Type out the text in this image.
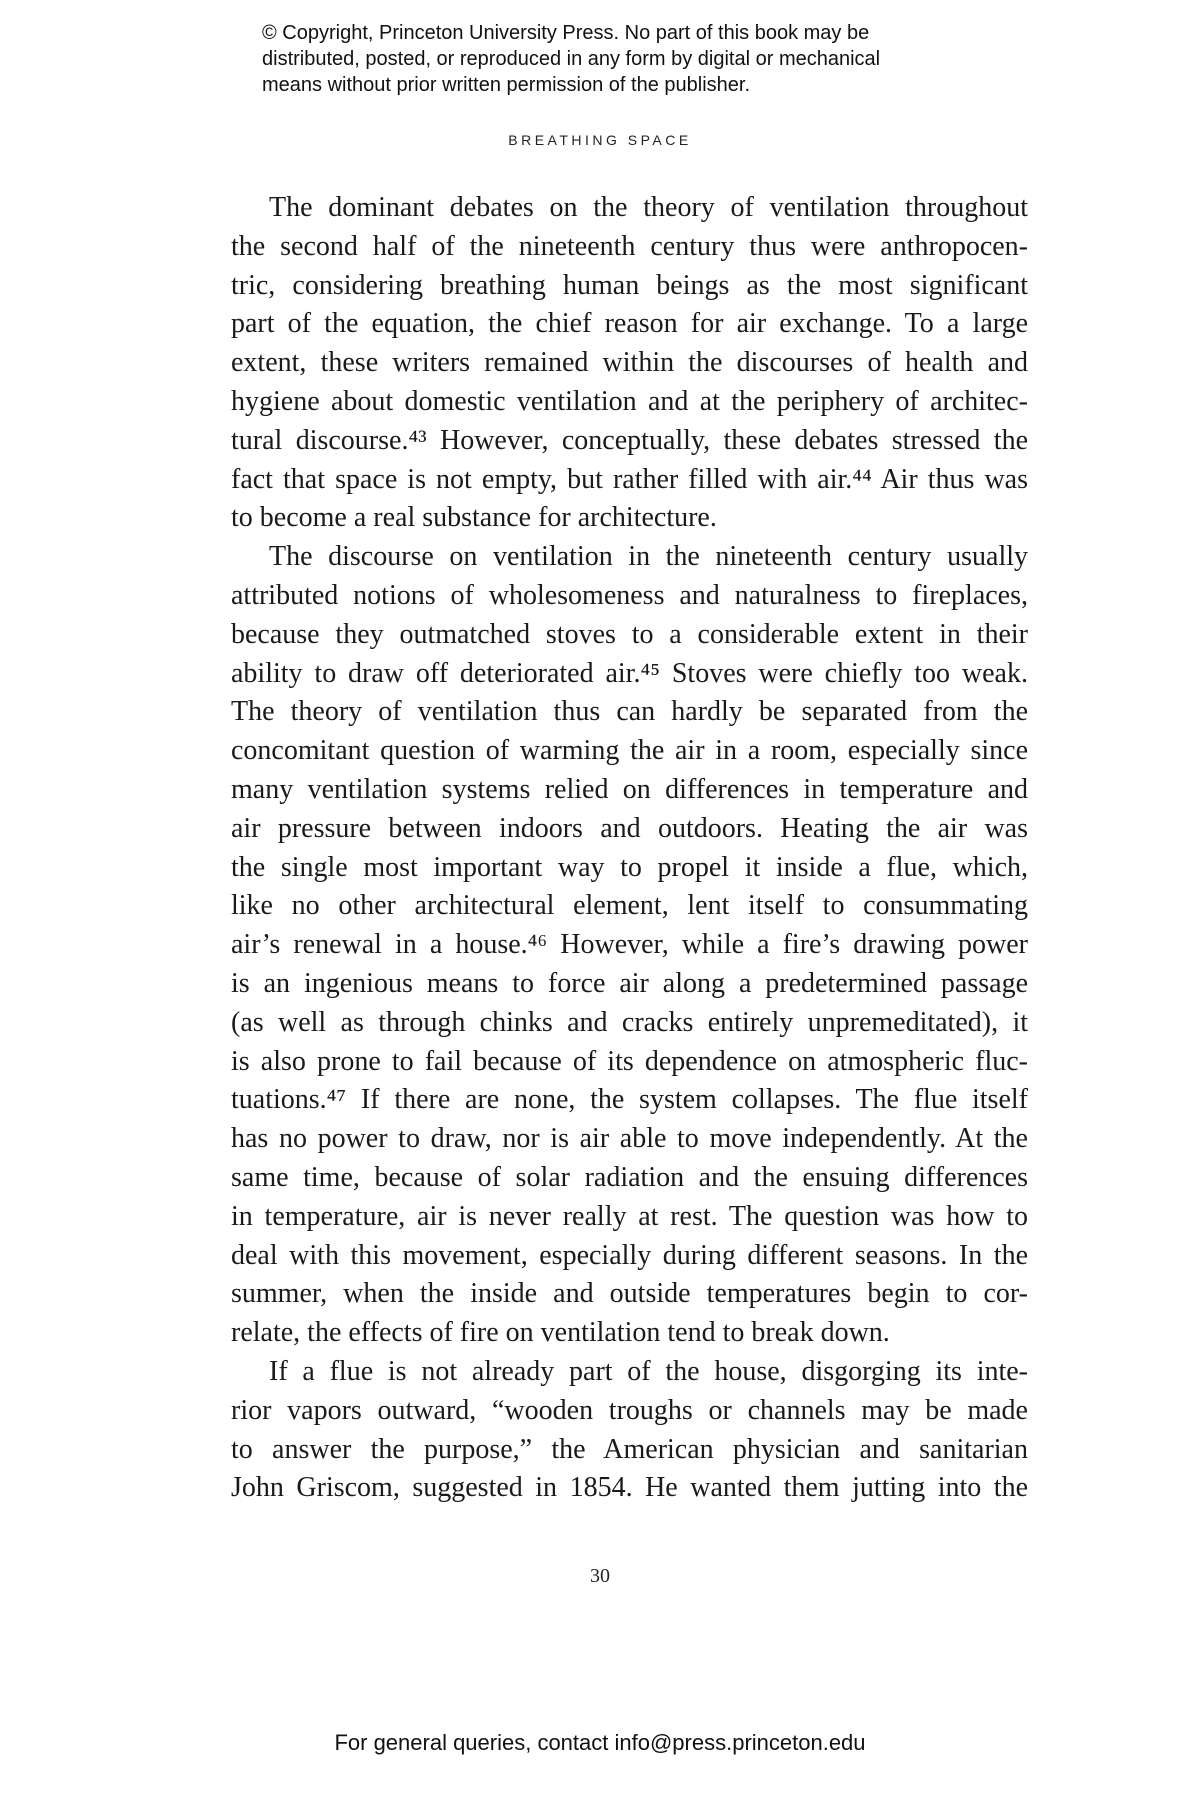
© Copyright, Princeton University Press. No part of this book may be
distributed, posted, or reproduced in any form by digital or mechanical
means without prior written permission of the publisher.
BREATHING SPACE
The dominant debates on the theory of ventilation throughout
the second half of the nineteenth century thus were anthropocen-
tric, considering breathing human beings as the most significant
part of the equation, the chief reason for air exchange. To a large
extent, these writers remained within the discourses of health and
hygiene about domestic ventilation and at the periphery of architec-
tural discourse.⁴³ However, conceptually, these debates stressed the
fact that space is not empty, but rather filled with air.⁴⁴ Air thus was
to become a real substance for architecture.
The discourse on ventilation in the nineteenth century usually
attributed notions of wholesomeness and naturalness to fireplaces,
because they outmatched stoves to a considerable extent in their
ability to draw off deteriorated air.⁴⁵ Stoves were chiefly too weak.
The theory of ventilation thus can hardly be separated from the
concomitant question of warming the air in a room, especially since
many ventilation systems relied on differences in temperature and
air pressure between indoors and outdoors. Heating the air was
the single most important way to propel it inside a flue, which,
like no other architectural element, lent itself to consummating
air’s renewal in a house.⁴⁶ However, while a fire’s drawing power
is an ingenious means to force air along a predetermined passage
(as well as through chinks and cracks entirely unpremeditated), it
is also prone to fail because of its dependence on atmospheric fluc-
tuations.⁴⁷ If there are none, the system collapses. The flue itself
has no power to draw, nor is air able to move independently. At the
same time, because of solar radiation and the ensuing differences
in temperature, air is never really at rest. The question was how to
deal with this movement, especially during different seasons. In the
summer, when the inside and outside temperatures begin to cor-
relate, the effects of fire on ventilation tend to break down.
If a flue is not already part of the house, disgorging its inte-
rior vapors outward, “wooden troughs or channels may be made
to answer the purpose,” the American physician and sanitarian
John Griscom, suggested in 1854. He wanted them jutting into the
30
For general queries, contact info@press.princeton.edu
